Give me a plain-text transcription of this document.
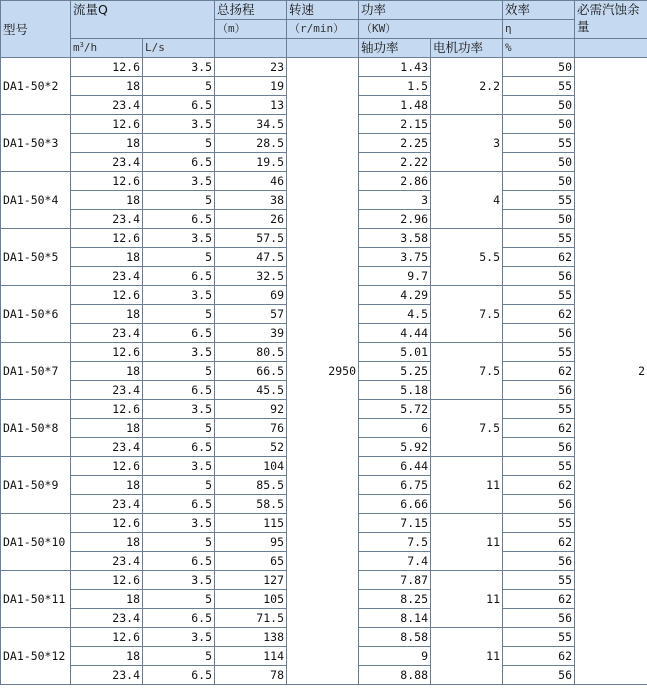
型号	流量Q		总扬程	转速	功率		效率	必需汽蚀余量
			（m）	（r/min）	（KW）		η	
	$m^3/h$	L/s			轴功率	电机功率	%	
DA1-50*2	12.6	3.5	23	2950	1.43	2.2	50	2
	18	5	19		1.5		55	
	23.4	6.5	13		1.48		50	
DA1-50*3	12.6	3.5	34.5		2.15	3	50	
	18	5	28.5		2.25		55	
	23.4	6.5	19.5		2.22		50	
DA1-50*4	12.6	3.5	46		2.86	4	50	
	18	5	38		3		55	
	23.4	6.5	26		2.96		50	
DA1-50*5	12.6	3.5	57.5		3.58	5.5	55	
	18	5	47.5		3.75		62	
	23.4	6.5	32.5		9.7		56	
DA1-50*6	12.6	3.5	69		4.29	7.5	55	
	18	5	57		4.5		62	
	23.4	6.5	39		4.44		56	
DA1-50*7	12.6	3.5	80.5		5.01	7.5	55	
	18	5	66.5		5.25		62	
	23.4	6.5	45.5		5.18		56	
DA1-50*8	12.6	3.5	92		5.72	7.5	55	
	18	5	76		6		62	
	23.4	6.5	52		5.92		56	
DA1-50*9	12.6	3.5	104		6.44	11	55	
	18	5	85.5		6.75		62	
	23.4	6.5	58.5		6.66		56	
DA1-50*10	12.6	3.5	115		7.15	11	55	
	18	5	95		7.5		62	
	23.4	6.5	65		7.4		56	
DA1-50*11	12.6	3.5	127		7.87	11	55	
	18	5	105		8.25		62	
	23.4	6.5	71.5		8.14		56	
DA1-50*12	12.6	3.5	138		8.58	11	55	
	18	5	114		9		62	
	23.4	6.5	78		8.88		56	
